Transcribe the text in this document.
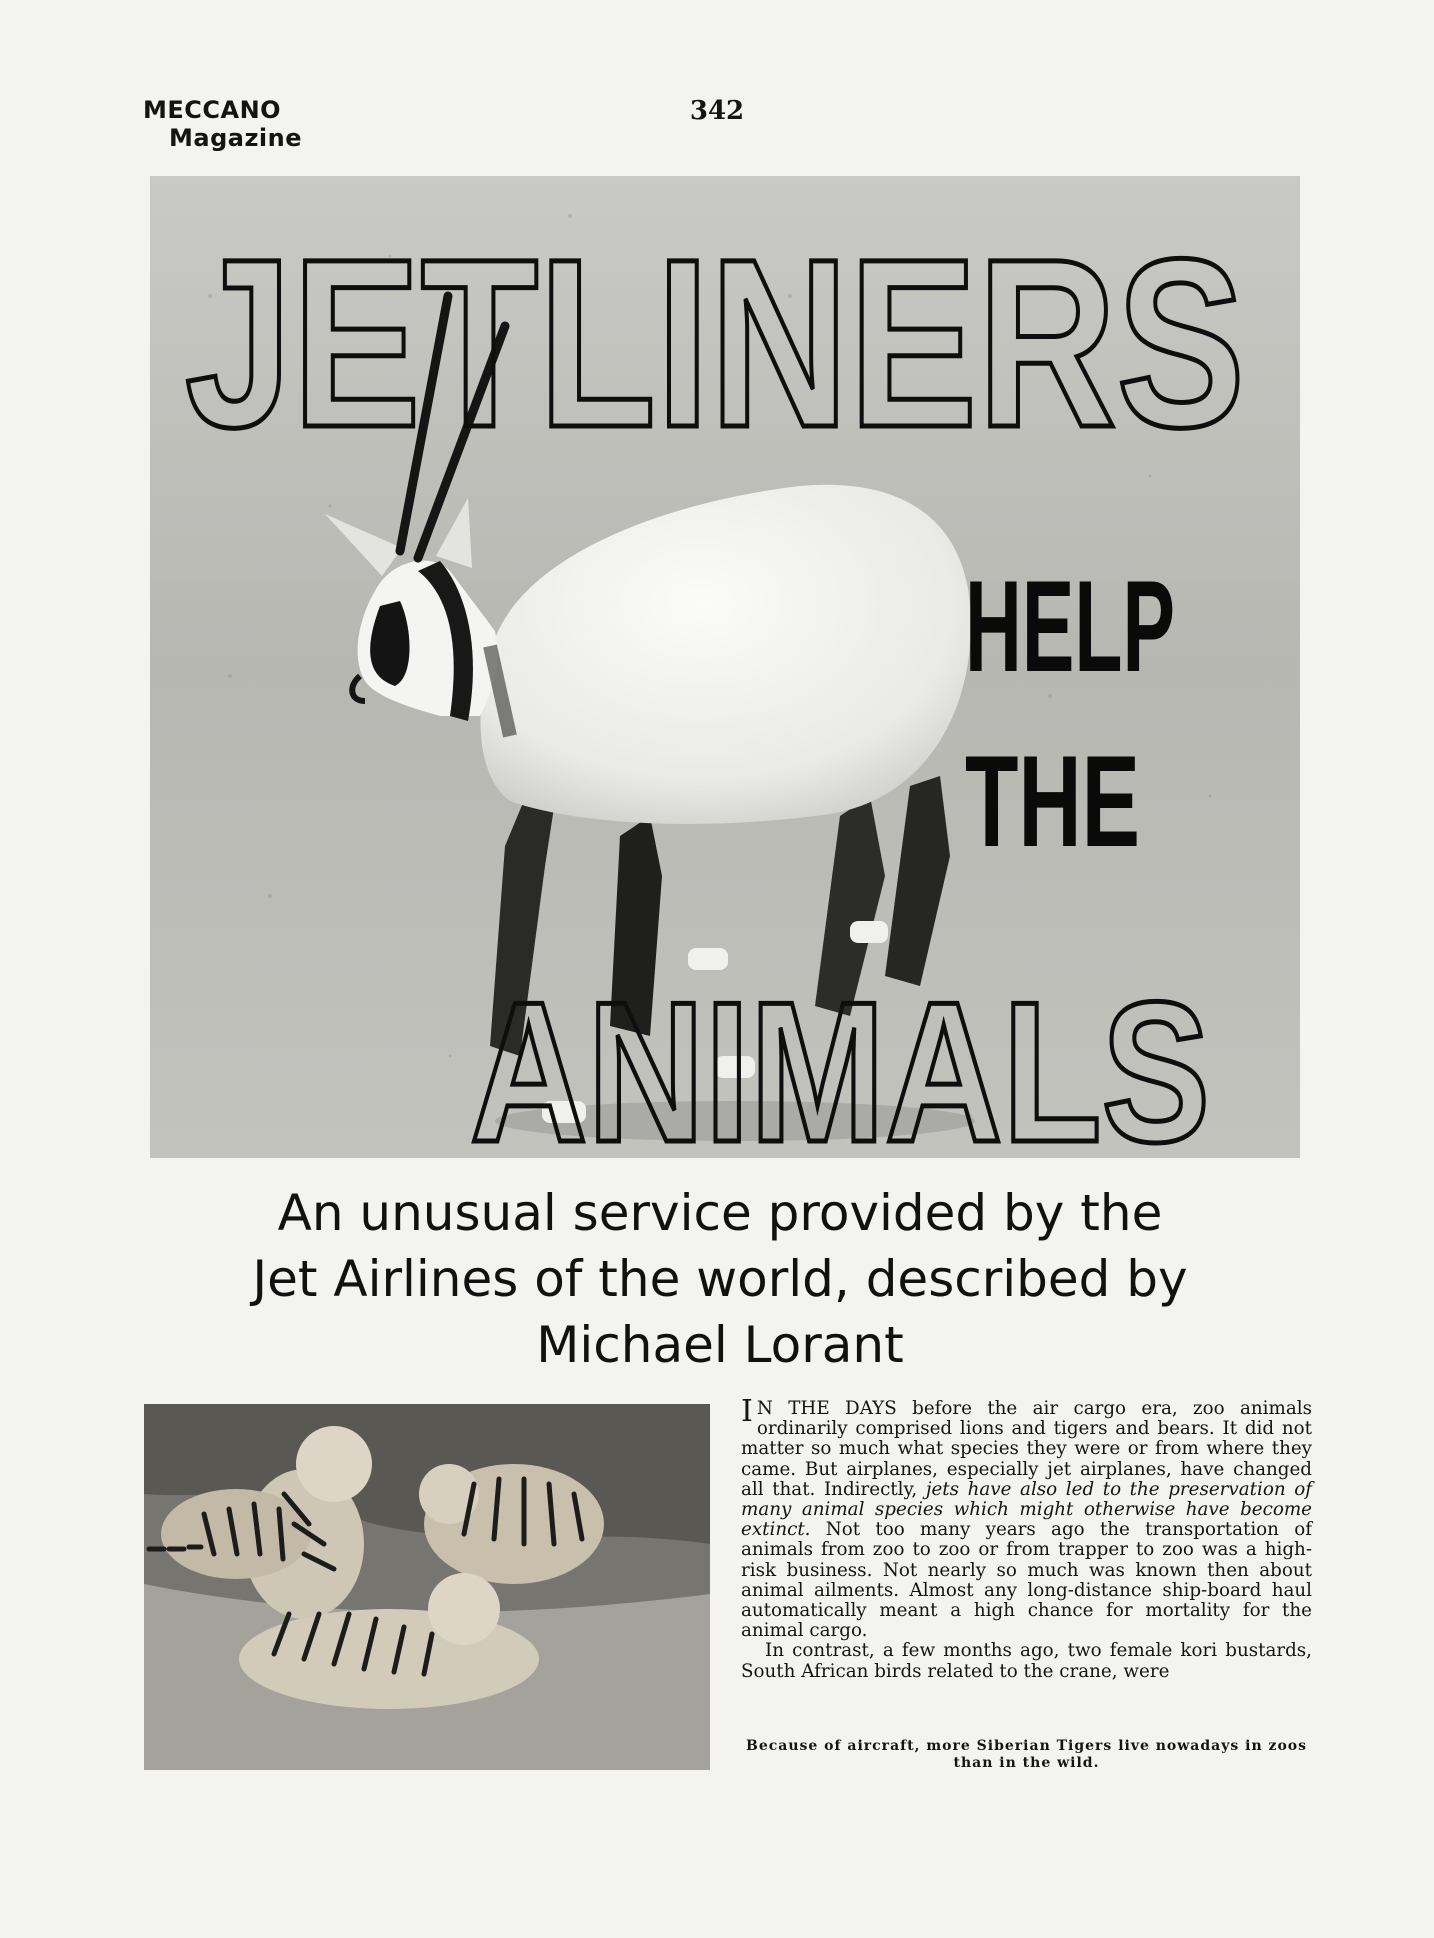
MECCANO
Magazine
342
JETLINERS
HELP
THE
ANIMALS
An unusual service provided by the
Jet Airlines of the world, described by
Michael Lorant

I N THE DAYS before the air cargo era, zoo animals ordinarily comprised lions and tigers and bears. It did not matter so much what species they were or from where they came. But airplanes, especially jet airplanes, have changed all that. Indirectly, jets have also led to the preservation of many animal species which might otherwise have become extinct. Not too many years ago the transportation of animals from zoo to zoo or from trapper to zoo was a high-risk business. Not nearly so much was known then about animal ailments. Almost any long-distance ship-board haul automatically meant a high chance for mortality for the animal cargo.

In contrast, a few months ago, two female kori bustards, South African birds related to the crane, were

Because of aircraft, more Siberian Tigers live nowadays in zoos than in the wild.
